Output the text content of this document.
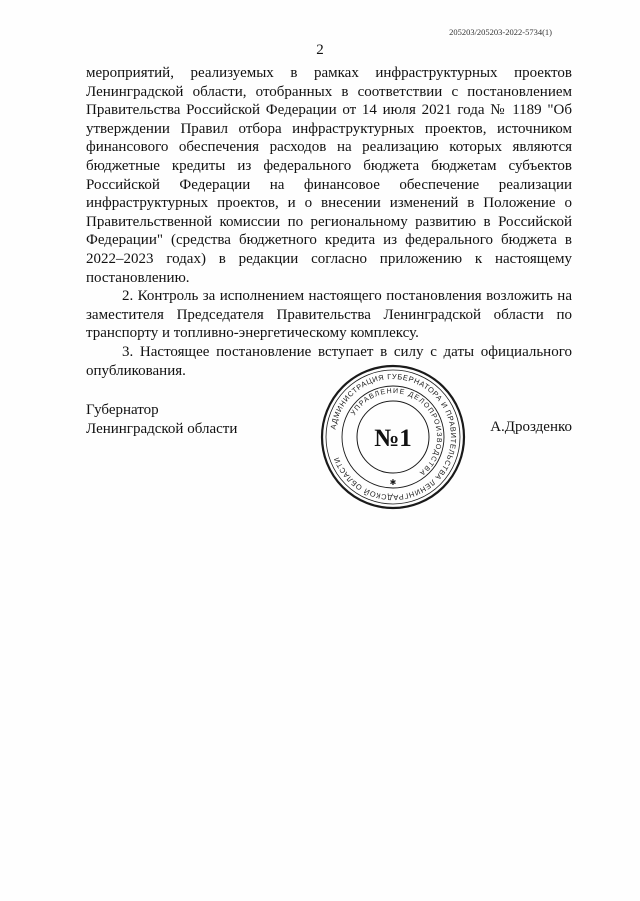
205203/205203-2022-5734(1)
2

мероприятий, реализуемых в рамках инфраструктурных проектов Ленинградской области, отобранных в соответствии с постановлением Правительства Российской Федерации от 14 июля 2021 года № 1189 "Об утверждении Правил отбора инфраструктурных проектов, источником финансового обеспечения расходов на реализацию которых являются бюджетные кредиты из федерального бюджета бюджетам субъектов Российской Федерации на финансовое обеспечение реализации инфраструктурных проектов, и о внесении изменений в Положение о Правительственной комиссии по региональному развитию в Российской Федерации" (средства бюджетного кредита из федерального бюджета в 2022–2023 годах) в редакции согласно приложению к настоящему постановлению.

2. Контроль за исполнением настоящего постановления возложить на заместителя Председателя Правительства Ленинградской области по транспорту и топливно-энергетическому комплексу.

3. Настоящее постановление вступает в силу с даты официального опубликования.

Губернатор
Ленинградской области	АДМИНИСТРАЦИЯ ГУБЕРНАТОРА И ПРАВИТЕЛЬСТВА ЛЕНИНГРАДСКОЙ ОБЛАСТИ
УПРАВЛЕНИЕ ДЕЛОПРОИЗВОДСТВА
№1
✱
А.Дрозденко
